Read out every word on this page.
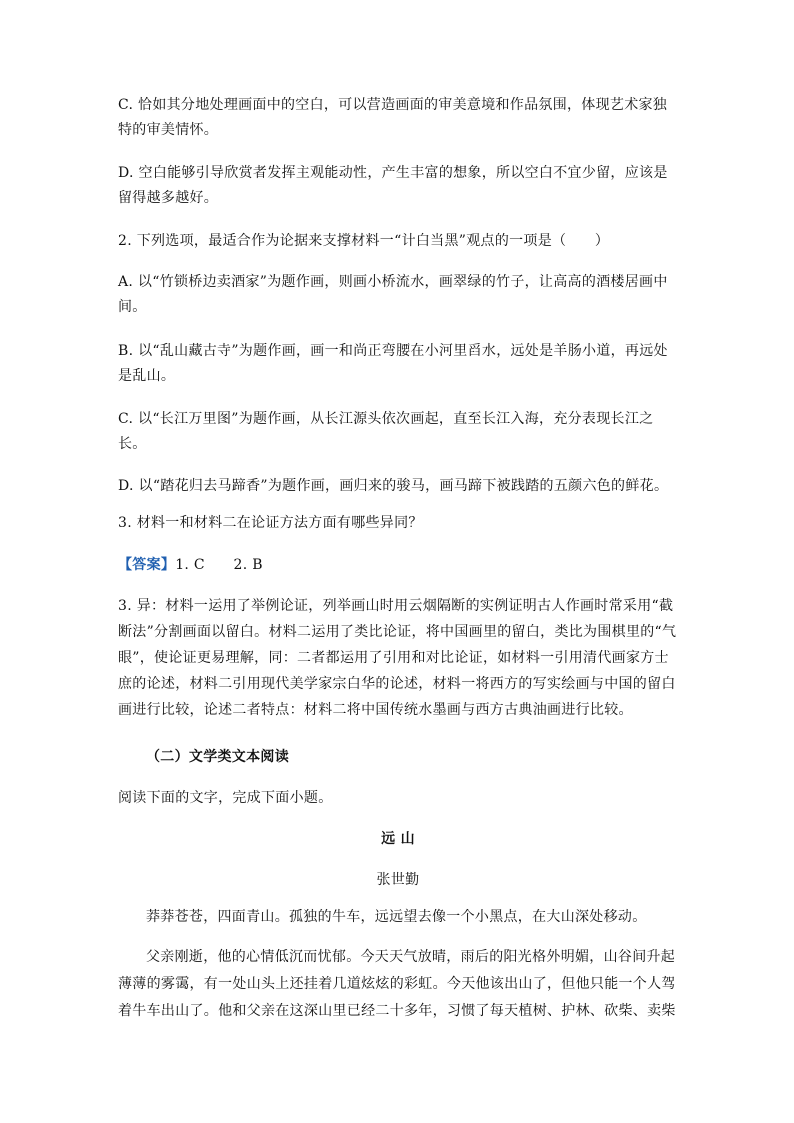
C. 恰如其分地处理画面中的空白，可以营造画面的审美意境和作品氛围，体现艺术家独特的审美情怀。

D. 空白能够引导欣赏者发挥主观能动性，产生丰富的想象，所以空白不宜少留，应该是留得越多越好。

2. 下列选项，最适合作为论据来支撑材料一“计白当黑”观点的一项是（　　）

A. 以“竹锁桥边卖酒家”为题作画，则画小桥流水，画翠绿的竹子，让高高的酒楼居画中间。

B. 以“乱山藏古寺”为题作画，画一和尚正弯腰在小河里舀水，远处是羊肠小道，再远处是乱山。

C. 以“长江万里图”为题作画，从长江源头依次画起，直至长江入海，充分表现长江之长。

D. 以“踏花归去马蹄香”为题作画，画归来的骏马，画马蹄下被践踏的五颜六色的鲜花。

3. 材料一和材料二在论证方法方面有哪些异同？

【答案】1. C　　2. B

3. 异：材料一运用了举例论证，列举画山时用云烟隔断的实例证明古人作画时常采用“截断法”分割画面以留白。材料二运用了类比论证，将中国画里的留白，类比为围棋里的“气眼”，使论证更易理解，同：二者都运用了引用和对比论证，如材料一引用清代画家方士庶的论述，材料二引用现代美学家宗白华的论述，材料一将西方的写实绘画与中国的留白画进行比较，论述二者特点：材料二将中国传统水墨画与西方古典油画进行比较。

（二）文学类文本阅读

阅读下面的文字，完成下面小题。

远 山

张世勤

莽莽苍苍，四面青山。孤独的牛车，远远望去像一个小黑点，在大山深处移动。

父亲刚逝，他的心情低沉而忧郁。今天天气放晴，雨后的阳光格外明媚，山谷间升起薄薄的雾霭，有一处山头上还挂着几道炫炫的彩虹。今天他该出山了，但他只能一个人驾着牛车出山了。他和父亲在这深山里已经二十多年，习惯了每天植树、护林、砍柴、卖柴
